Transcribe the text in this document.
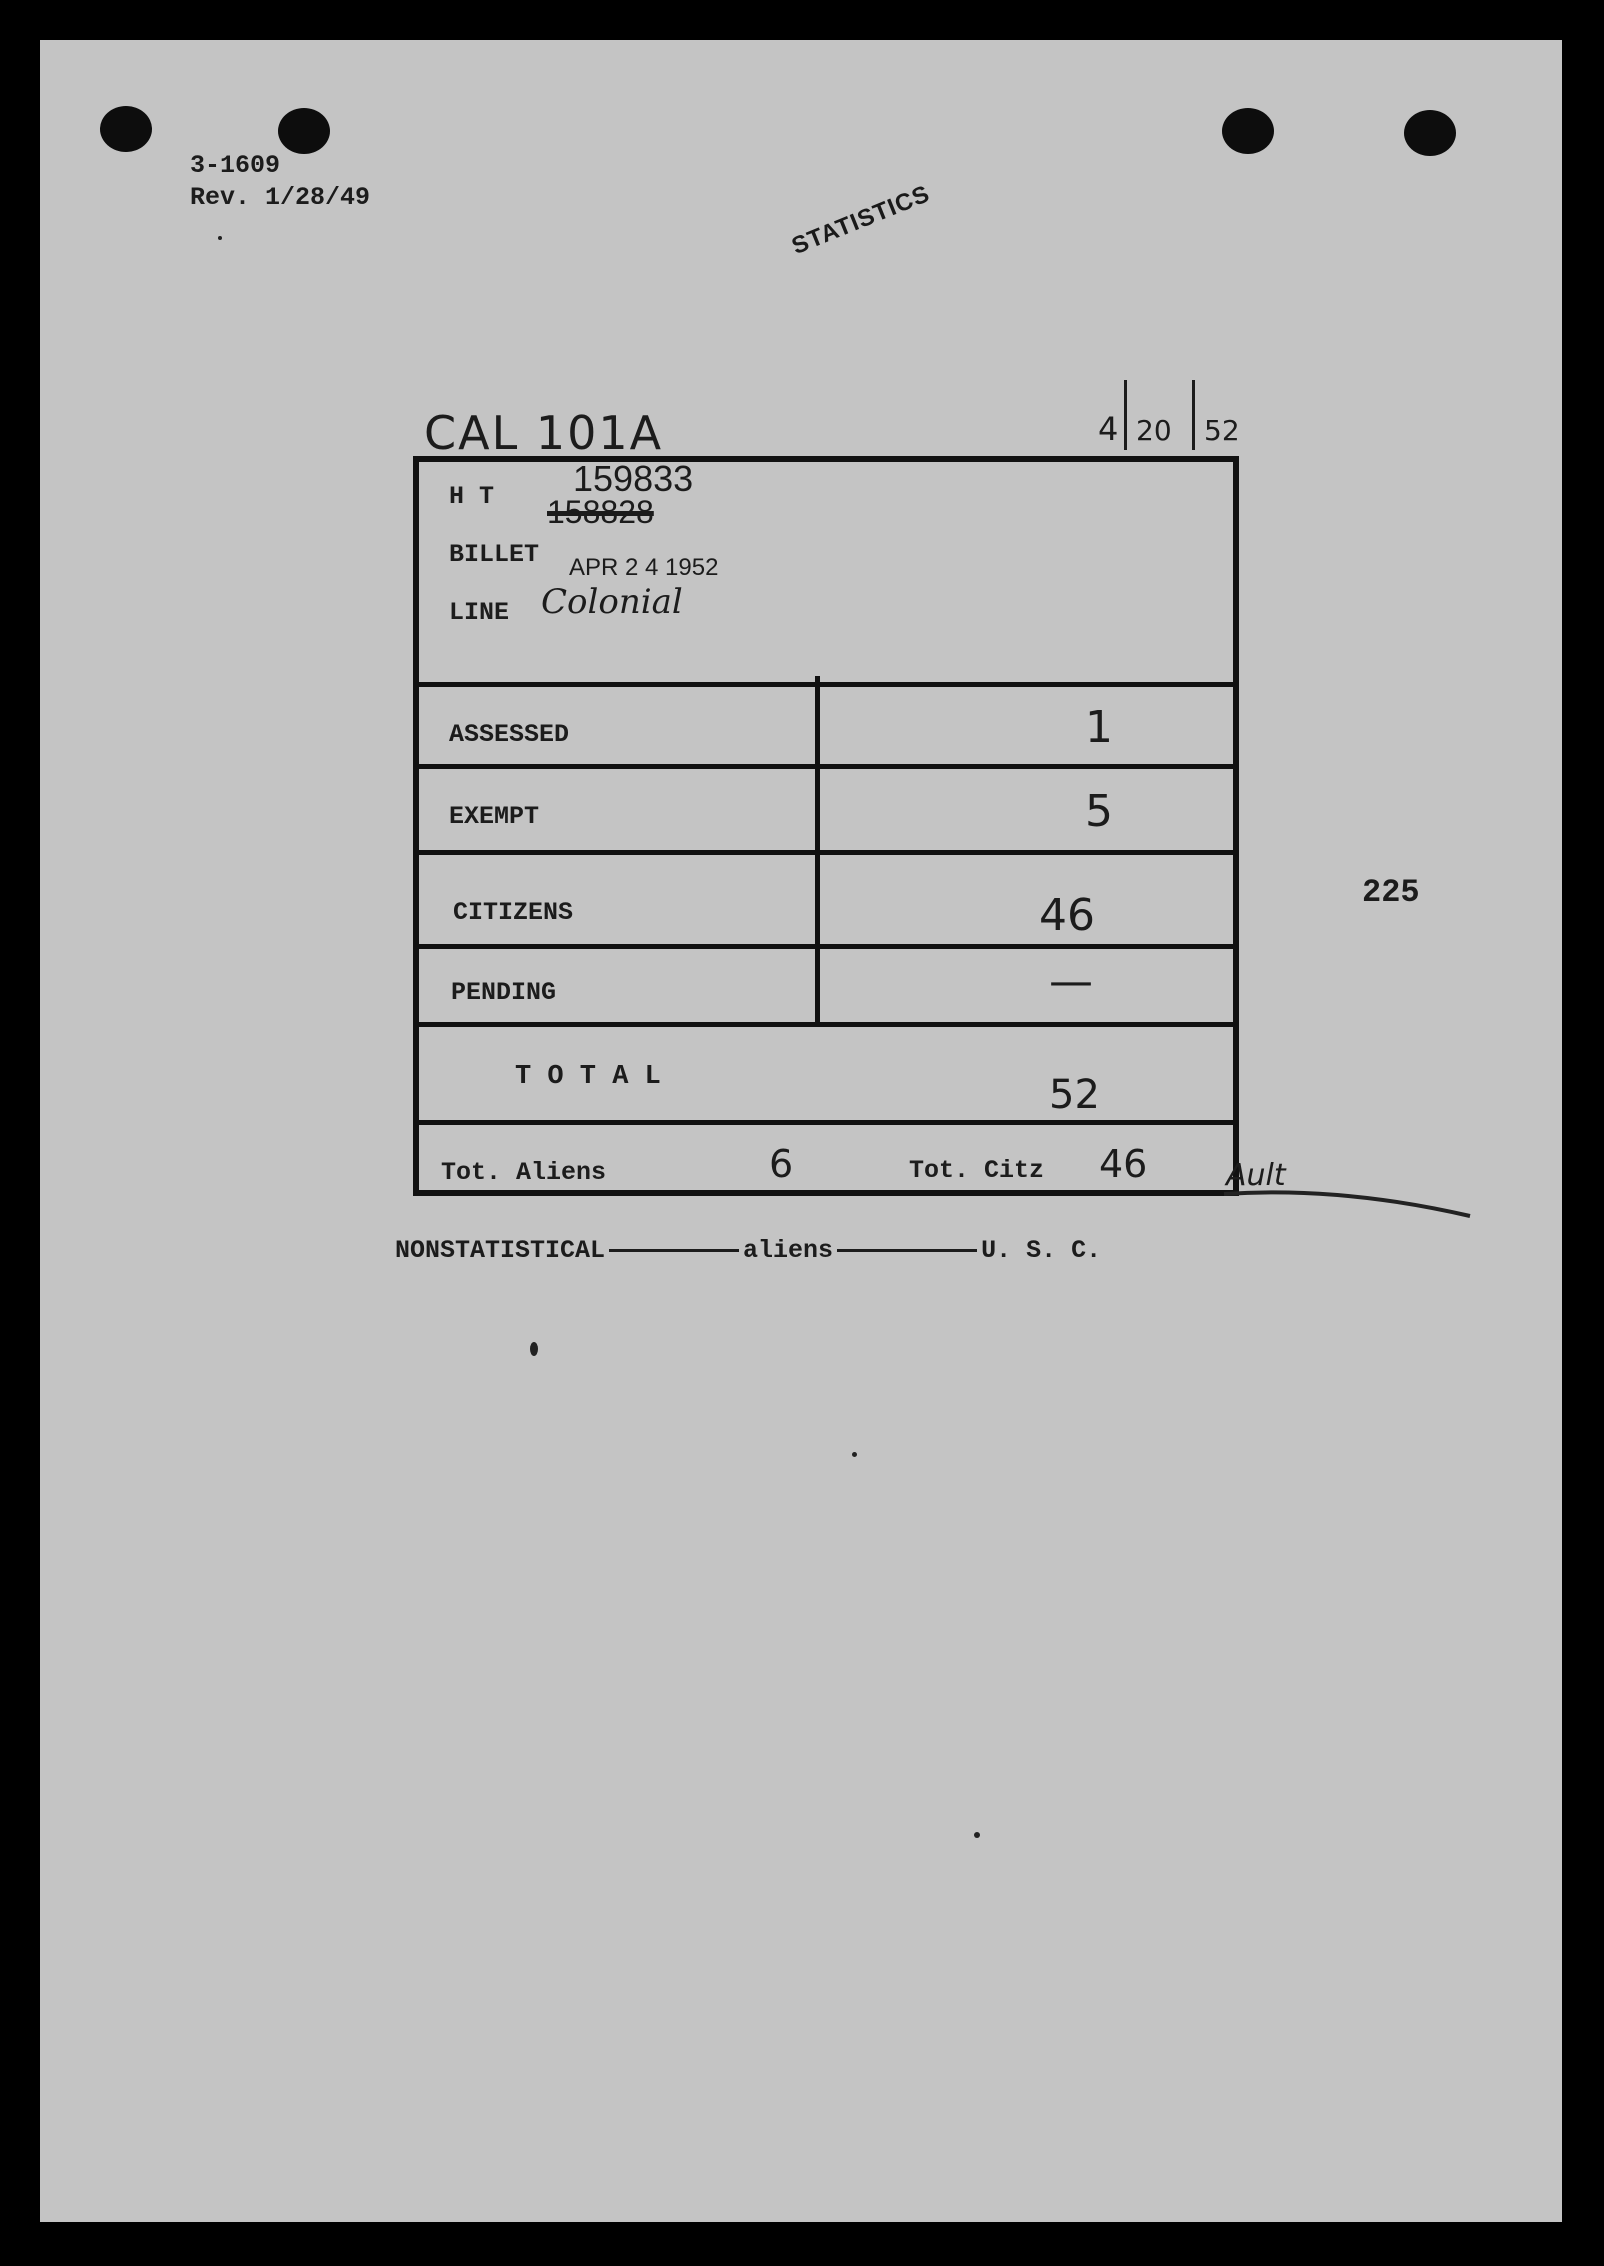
3-1609
Rev. 1/28/49	STATISTICS
CAL 101A	4 20 52
H T 159833
158828
BILLET APR 2 4 1952
LINE Colonial
ASSESSED	1
EXEMPT	5
CITIZENS	46
PENDING	—
T O T A L	52
Tot. Aliens	6	Tot. Citz 46	Ault
225
NONSTATISTICAL	aliens	U. S. C.
